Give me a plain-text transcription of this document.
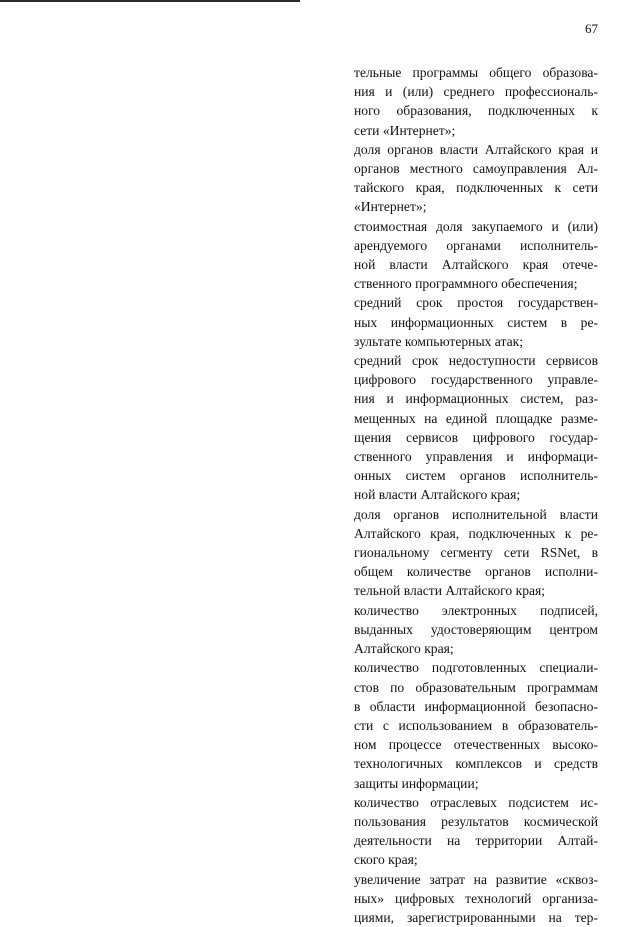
67

тельные программы общего образова-
ния и (или) среднего профессиональ-
ного образования, подключенных к
сети «Интернет»;

доля органов власти Алтайского края и
органов местного самоуправления Ал-
тайского края, подключенных к сети
«Интернет»;

стоимостная доля закупаемого и (или)
арендуемого органами исполнитель-
ной власти Алтайского края отече-
ственного программного обеспечения;

средний срок простоя государствен-
ных информационных систем в ре-
зультате компьютерных атак;

средний срок недоступности сервисов
цифрового государственного управле-
ния и информационных систем, раз-
мещенных на единой площадке разме-
щения сервисов цифрового государ-
ственного управления и информаци-
онных систем органов исполнитель-
ной власти Алтайского края;

доля органов исполнительной власти
Алтайского края, подключенных к ре-
гиональному сегменту сети RSNet, в
общем количестве органов исполни-
тельной власти Алтайского края;

количество электронных подписей,
выданных удостоверяющим центром
Алтайского края;

количество подготовленных специали-
стов по образовательным программам
в области информационной безопасно-
сти с использованием в образователь-
ном процессе отечественных высоко-
технологичных комплексов и средств
защиты информации;

количество отраслевых подсистем ис-
пользования результатов космической
деятельности на территории Алтай-
ского края;

увеличение затрат на развитие «сквоз-
ных» цифровых технологий организа-
циями, зарегистрированными на тер-
